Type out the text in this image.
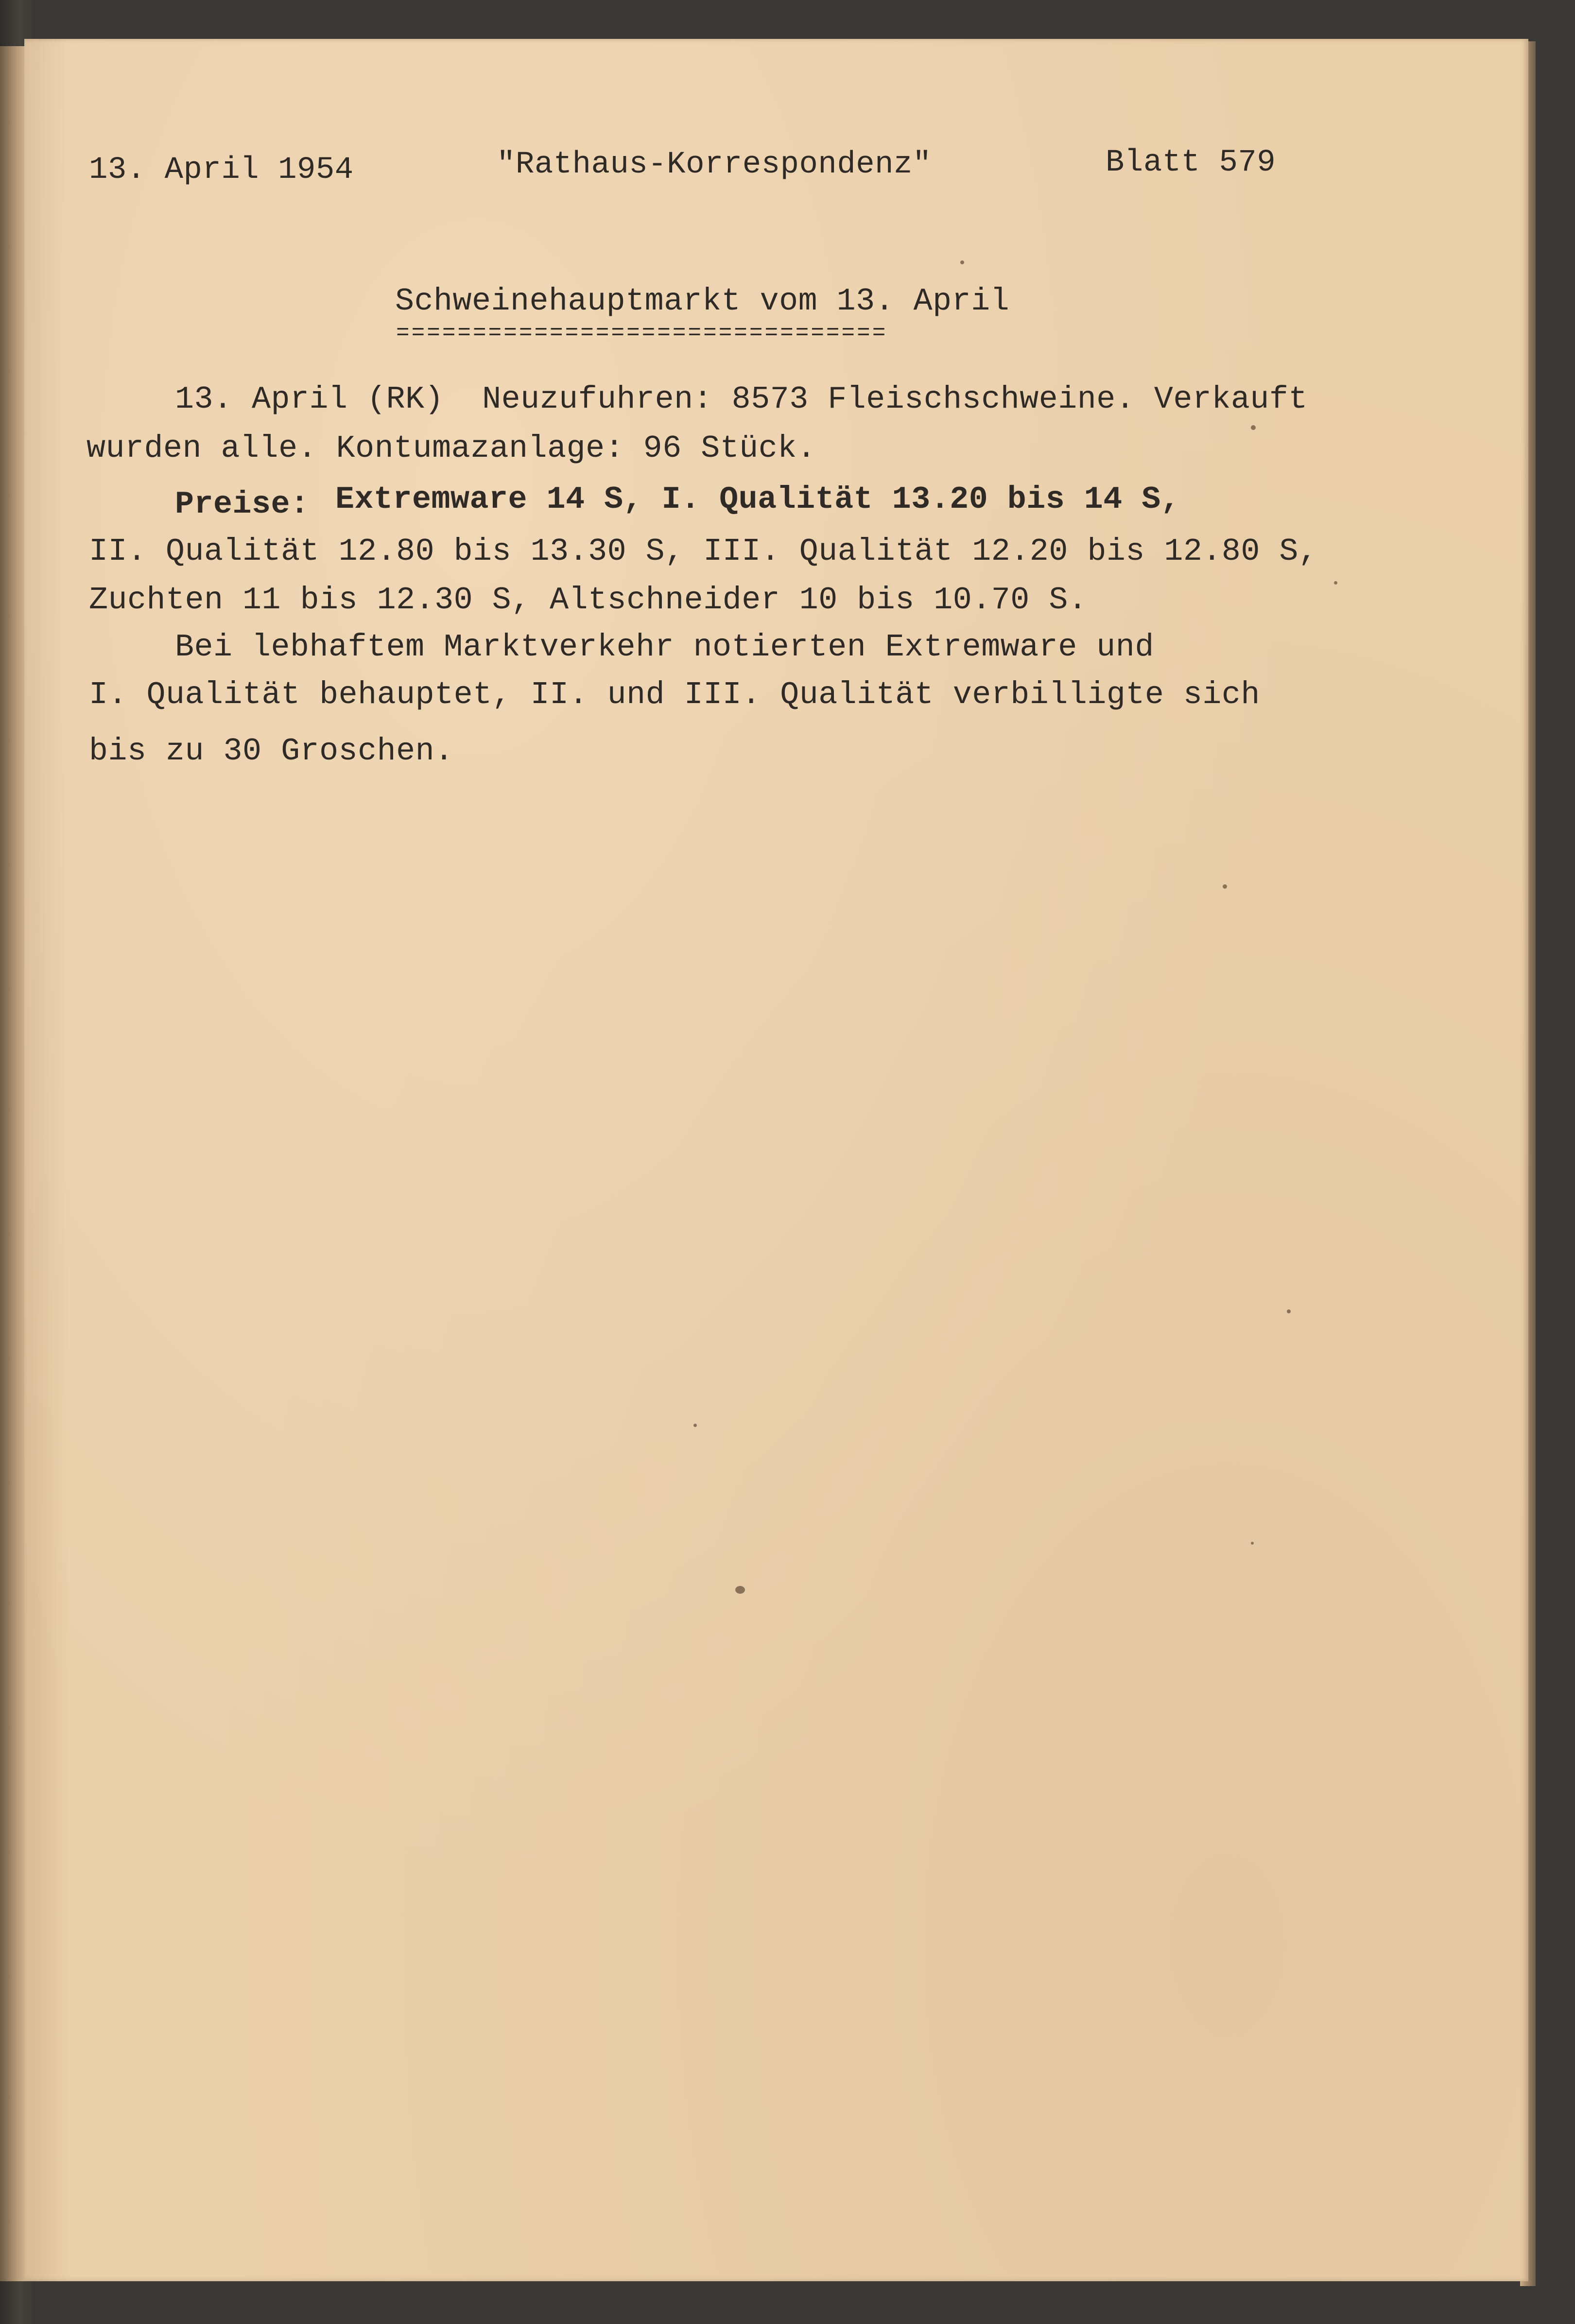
13. April 1954	"Rathaus-Korrespondenz"	Blatt 579
Schweinehauptmarkt vom 13. April
================================
13. April (RK)  Neuzufuhren: 8573 Fleischschweine. Verkauft
wurden alle. Kontumazanlage: 96 Stück.
Preise: Extremware 14 S, I. Qualität 13.20 bis 14 S,
II. Qualität 12.80 bis 13.30 S, III. Qualität 12.20 bis 12.80 S,
Zuchten 11 bis 12.30 S, Altschneider 10 bis 10.70 S.
Bei lebhaftem Marktverkehr notierten Extremware und
I. Qualität behauptet, II. und III. Qualität verbilligte sich
bis zu 30 Groschen.
